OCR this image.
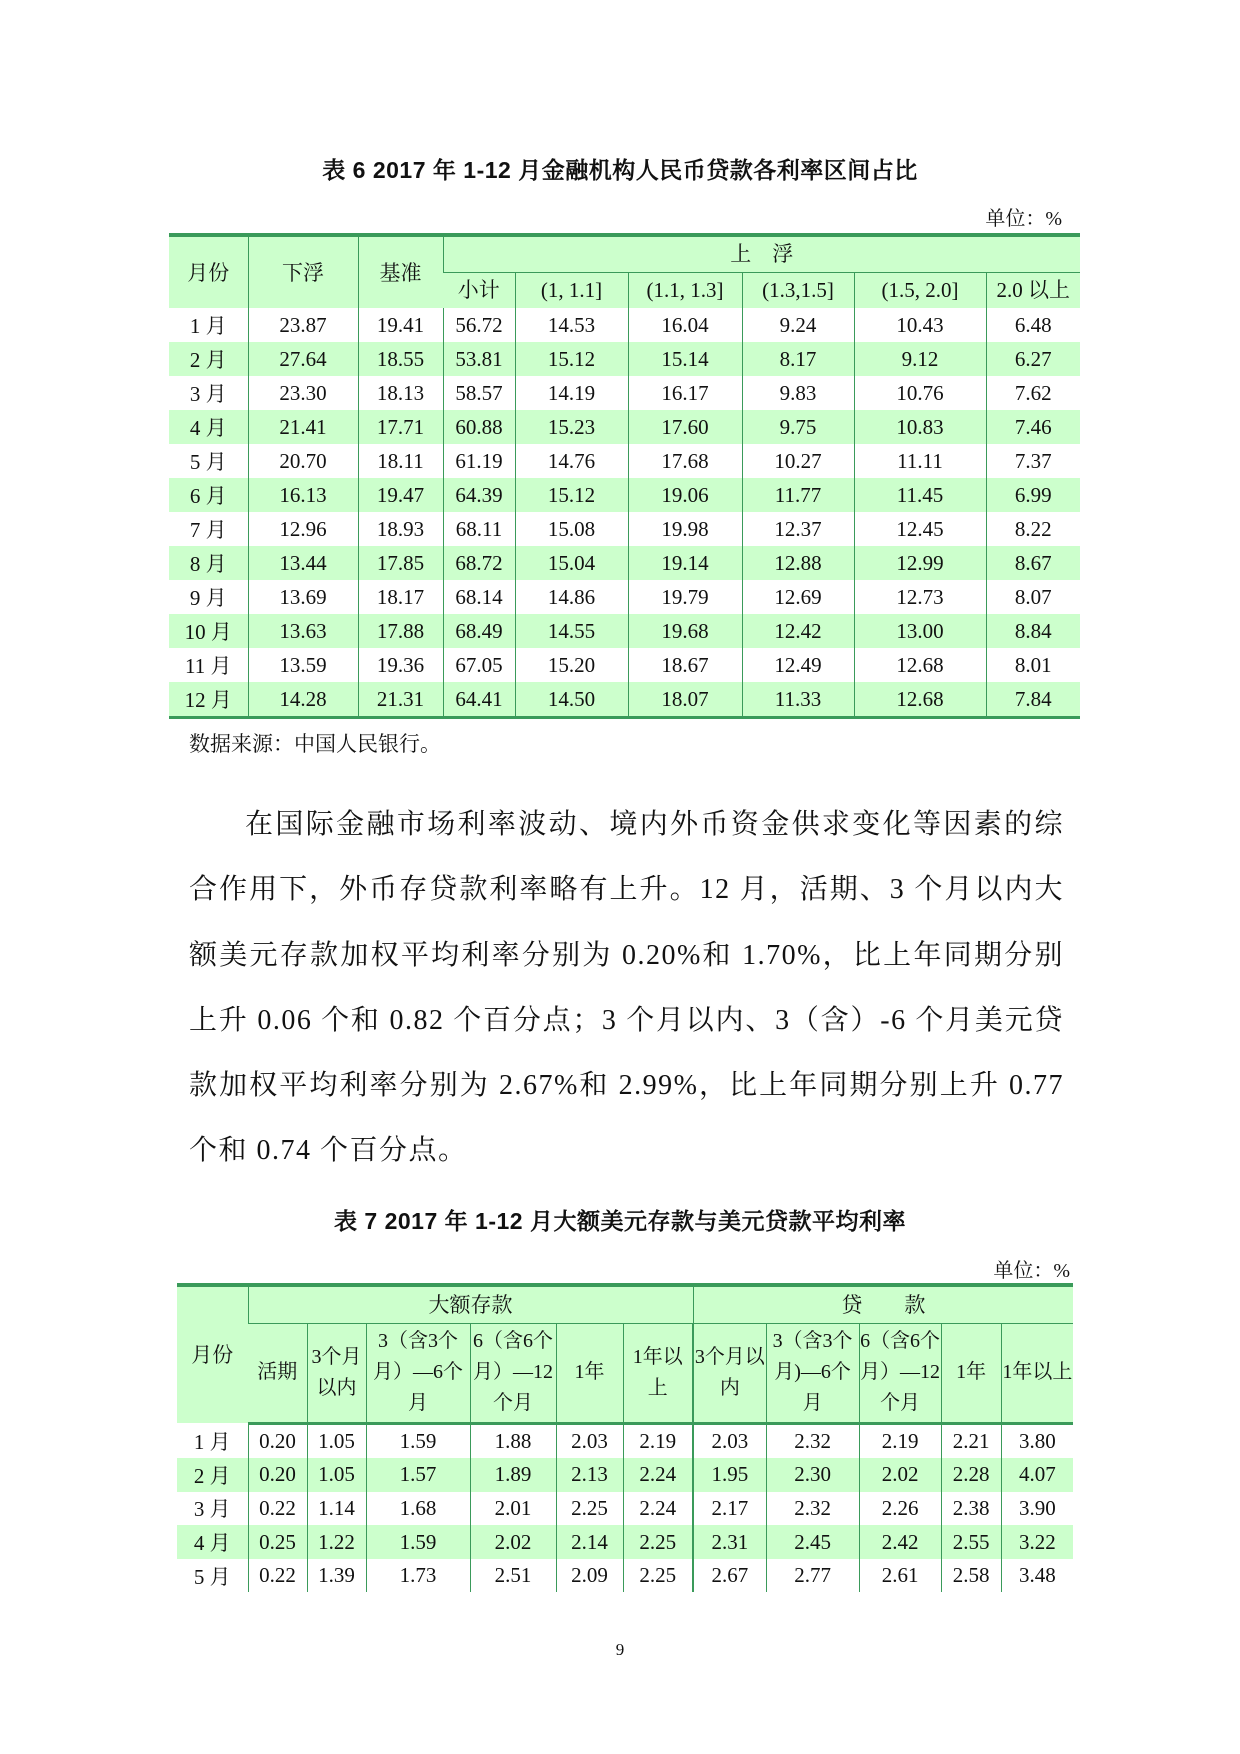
表 6 2017 年 1-12 月金融机构人民币贷款各利率区间占比
单位：%
月份	下浮	基准	上　浮					
			小计	(1, 1.1]	(1.1, 1.3]	(1.3,1.5]	(1.5, 2.0]	2.0 以上
1 月	23.87	19.41	56.72	14.53	16.04	9.24	10.43	6.48
2 月	27.64	18.55	53.81	15.12	15.14	8.17	9.12	6.27
3 月	23.30	18.13	58.57	14.19	16.17	9.83	10.76	7.62
4 月	21.41	17.71	60.88	15.23	17.60	9.75	10.83	7.46
5 月	20.70	18.11	61.19	14.76	17.68	10.27	11.11	7.37
6 月	16.13	19.47	64.39	15.12	19.06	11.77	11.45	6.99
7 月	12.96	18.93	68.11	15.08	19.98	12.37	12.45	8.22
8 月	13.44	17.85	68.72	15.04	19.14	12.88	12.99	8.67
9 月	13.69	18.17	68.14	14.86	19.79	12.69	12.73	8.07
10 月	13.63	17.88	68.49	14.55	19.68	12.42	13.00	8.84
11 月	13.59	19.36	67.05	15.20	18.67	12.49	12.68	8.01
12 月	14.28	21.31	64.41	14.50	18.07	11.33	12.68	7.84
数据来源：中国人民银行。

在国际金融市场利率波动、境内外币资金供求变化等因素的综合作用下，外币存贷款利率略有上升。12 月，活期、3 个月以内大额美元存款加权平均利率分别为 0.20%和 1.70%，比上年同期分别上升 0.06 个和 0.82 个百分点；3 个月以内、3（含）-6 个月美元贷款加权平均利率分别为 2.67%和 2.99%，比上年同期分别上升 0.77 个和 0.74 个百分点。

表 7 2017 年 1-12 月大额美元存款与美元贷款平均利率
单位：%
月份	大额存款						贷　　款				
	活期	3个月以内	3（含3个月）—6个月	6（含6个月）—12个月	1年	1年以上	3个月以内	3（含3个月)—6个月	6（含6个月）—12个月	1年	1年以上
1 月	0.20	1.05	1.59	1.88	2.03	2.19	2.03	2.32	2.19	2.21	3.80
2 月	0.20	1.05	1.57	1.89	2.13	2.24	1.95	2.30	2.02	2.28	4.07
3 月	0.22	1.14	1.68	2.01	2.25	2.24	2.17	2.32	2.26	2.38	3.90
4 月	0.25	1.22	1.59	2.02	2.14	2.25	2.31	2.45	2.42	2.55	3.22
5 月	0.22	1.39	1.73	2.51	2.09	2.25	2.67	2.77	2.61	2.58	3.48
9
